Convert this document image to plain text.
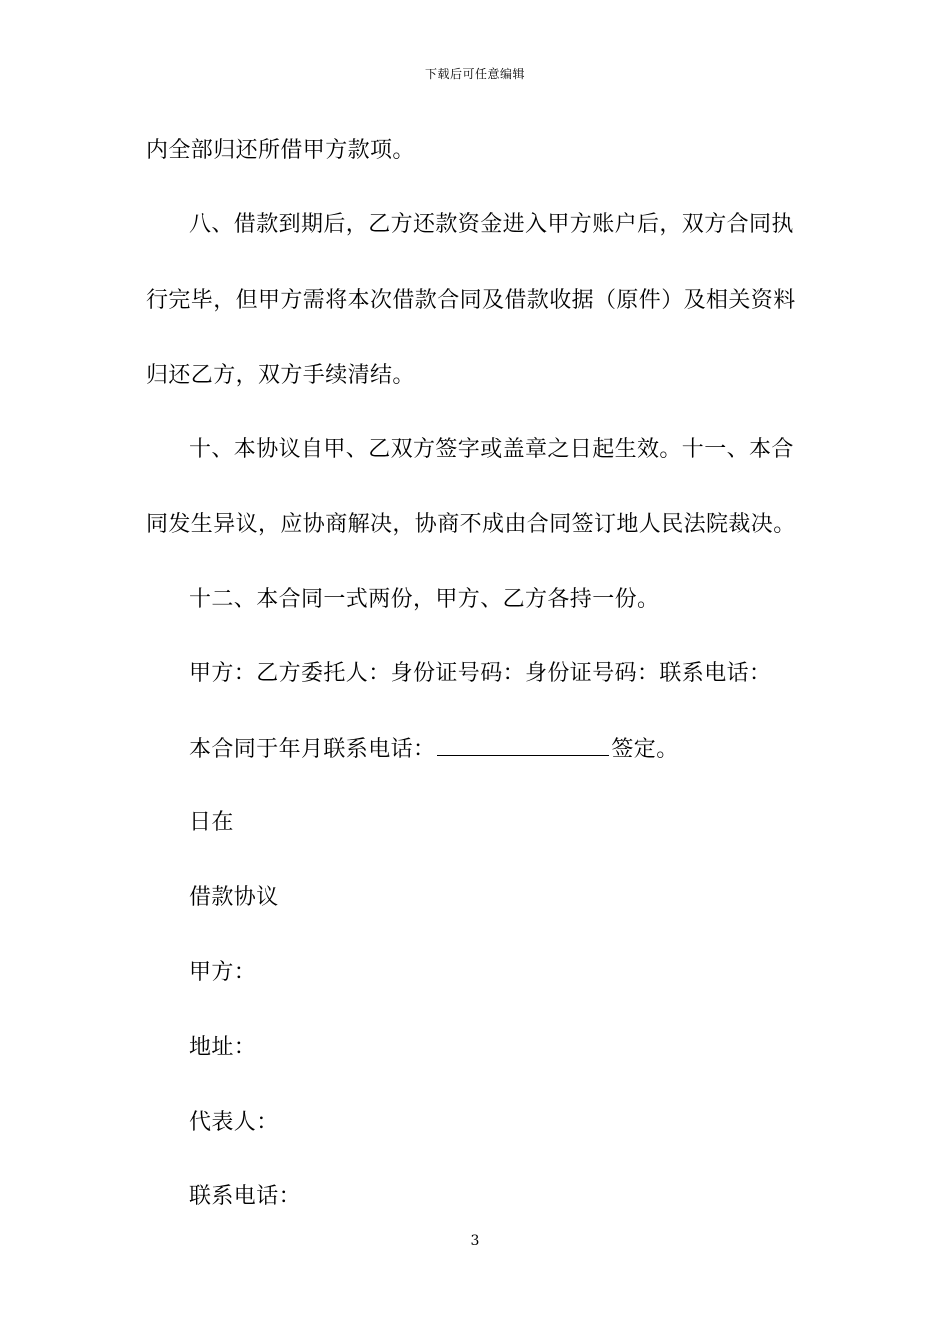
下载后可任意编辑
内全部归还所借甲方款项。
八、借款到期后，乙方还款资金进入甲方账户后，双方合同执
行完毕，但甲方需将本次借款合同及借款收据（原件）及相关资料
归还乙方，双方手续清结。
十、本协议自甲、乙双方签字或盖章之日起生效。十一、本合
同发生异议，应协商解决，协商不成由合同签订地人民法院裁决。
十二、本合同一式两份，甲方、乙方各持一份。
甲方：乙方委托人：身份证号码：身份证号码：联系电话：
本合同于年月联系电话：	签定。
日在
借款协议
甲方：
地址：
代表人：
联系电话：
3
